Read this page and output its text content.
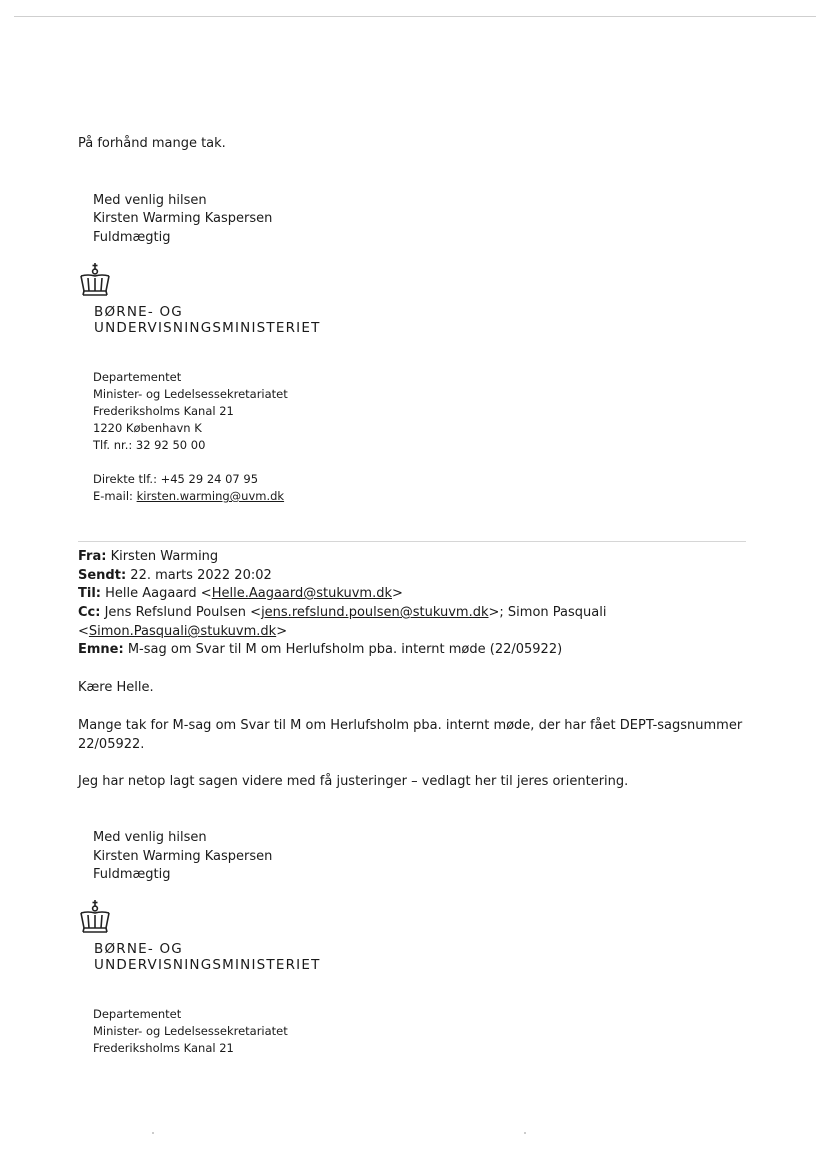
På forhånd mange tak.
Med venlig hilsen
Kirsten Warming Kaspersen
Fuldmægtig
BØRNE- OG
UNDERVISNINGSMINISTERIET
Departementet
Minister- og Ledelsessekretariatet
Frederiksholms Kanal 21
1220 København K
Tlf. nr.: 32 92 50 00
Direkte tlf.: +45 29 24 07 95
E-mail: kirsten.warming@uvm.dk
Fra: Kirsten Warming
Sendt: 22. marts 2022 20:02
Til: Helle Aagaard <Helle.Aagaard@stukuvm.dk>
Cc: Jens Refslund Poulsen <jens.refslund.poulsen@stukuvm.dk>; Simon Pasquali
<Simon.Pasquali@stukuvm.dk>
Emne: M-sag om Svar til M om Herlufsholm pba. internt møde (22/05922)
Kære Helle.
Mange tak for M-sag om Svar til M om Herlufsholm pba. internt møde, der har fået DEPT-sagsnummer
22/05922.
Jeg har netop lagt sagen videre med få justeringer – vedlagt her til jeres orientering.
Med venlig hilsen
Kirsten Warming Kaspersen
Fuldmægtig
BØRNE- OG
UNDERVISNINGSMINISTERIET
Departementet
Minister- og Ledelsessekretariatet
Frederiksholms Kanal 21
